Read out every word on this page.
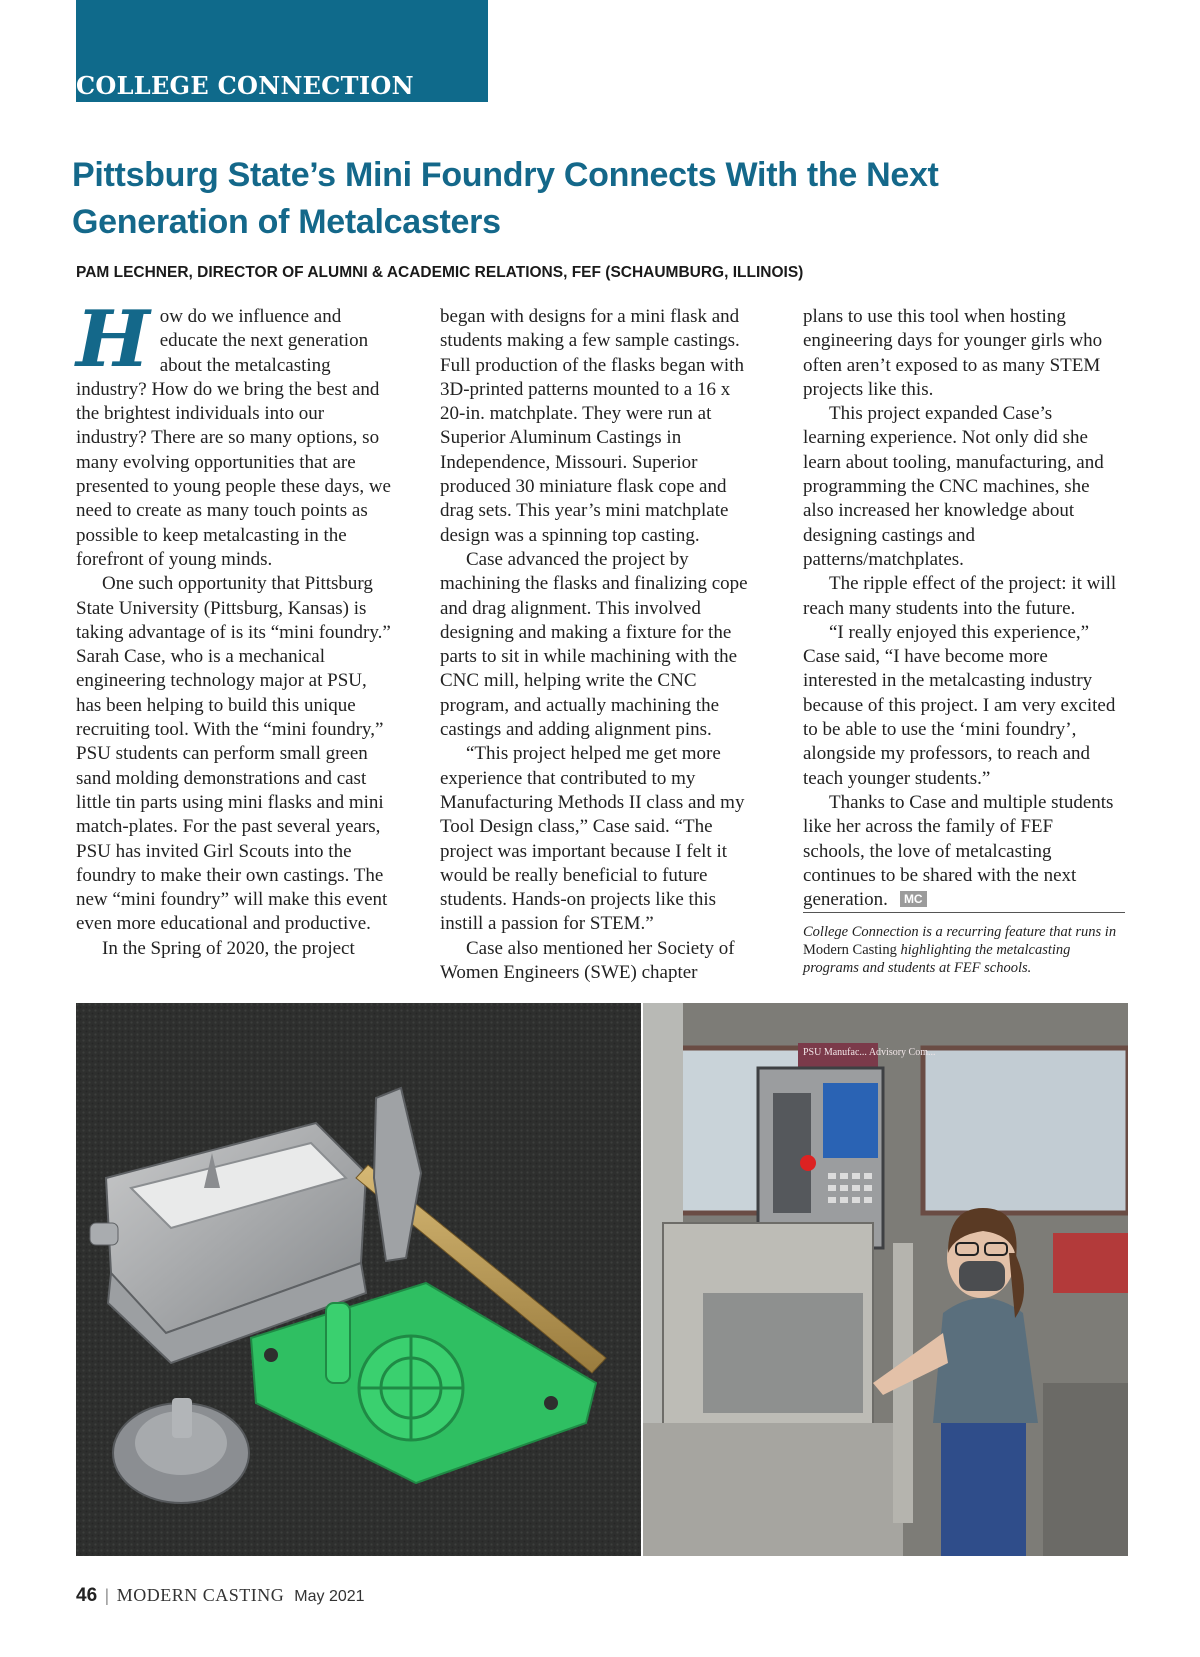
COLLEGE CONNECTION
Pittsburg State’s Mini Foundry Connects With the Next Generation of Metalcasters
PAM LECHNER, DIRECTOR OF ALUMNI & ACADEMIC RELATIONS, FEF (SCHAUMBURG, ILLINOIS)

How do we influence and educate the next generation about the metalcasting industry? How do we bring the best and the brightest individuals into our industry? There are so many options, so many evolving opportunities that are presented to young people these days, we need to create as many touch points as possible to keep metalcasting in the forefront of young minds.

One such opportunity that Pittsburg State University (Pittsburg, Kansas) is taking advantage of is its “mini foundry.” Sarah Case, who is a mechanical engineering technology major at PSU, has been helping to build this unique recruiting tool. With the “mini foundry,” PSU students can perform small green sand molding demonstrations and cast little tin parts using mini flasks and mini match-plates. For the past several years, PSU has invited Girl Scouts into the foundry to make their own castings. The new “mini foundry” will make this event even more educational and productive.

In the Spring of 2020, the project

began with designs for a mini flask and students making a few sample castings. Full production of the flasks began with 3D-printed patterns mounted to a 16 x 20-in. matchplate. They were run at Superior Aluminum Castings in Independence, Missouri. Superior produced 30 miniature flask cope and drag sets. This year’s mini matchplate design was a spinning top casting.

Case advanced the project by machining the flasks and finalizing cope and drag alignment. This involved designing and making a fixture for the parts to sit in while machining with the CNC mill, helping write the CNC program, and actually machining the castings and adding alignment pins.

“This project helped me get more experience that contributed to my Manufacturing Methods II class and my Tool Design class,” Case said. “The project was important because I felt it would be really beneficial to future students. Hands-on projects like this instill a passion for STEM.”

Case also mentioned her Society of Women Engineers (SWE) chapter

plans to use this tool when hosting engineering days for younger girls who often aren’t exposed to as many STEM projects like this.

This project expanded Case’s learning experience. Not only did she learn about tooling, manufacturing, and programming the CNC machines, she also increased her knowledge about designing castings and patterns/matchplates.

The ripple effect of the project: it will reach many students into the future.

“I really enjoyed this experience,” Case said, “I have become more interested in the metalcasting industry because of this project. I am very excited to be able to use the ‘mini foundry’, alongside my professors, to reach and teach younger students.”

Thanks to Case and multiple students like her across the family of FEF schools, the love of metalcasting continues to be shared with the next generation. MC

College Connection is a recurring feature that runs in Modern Casting highlighting the metalcasting programs and students at FEF schools.

PSU Manufac... Advisory Com...
46 | MODERN CASTING May 2021
